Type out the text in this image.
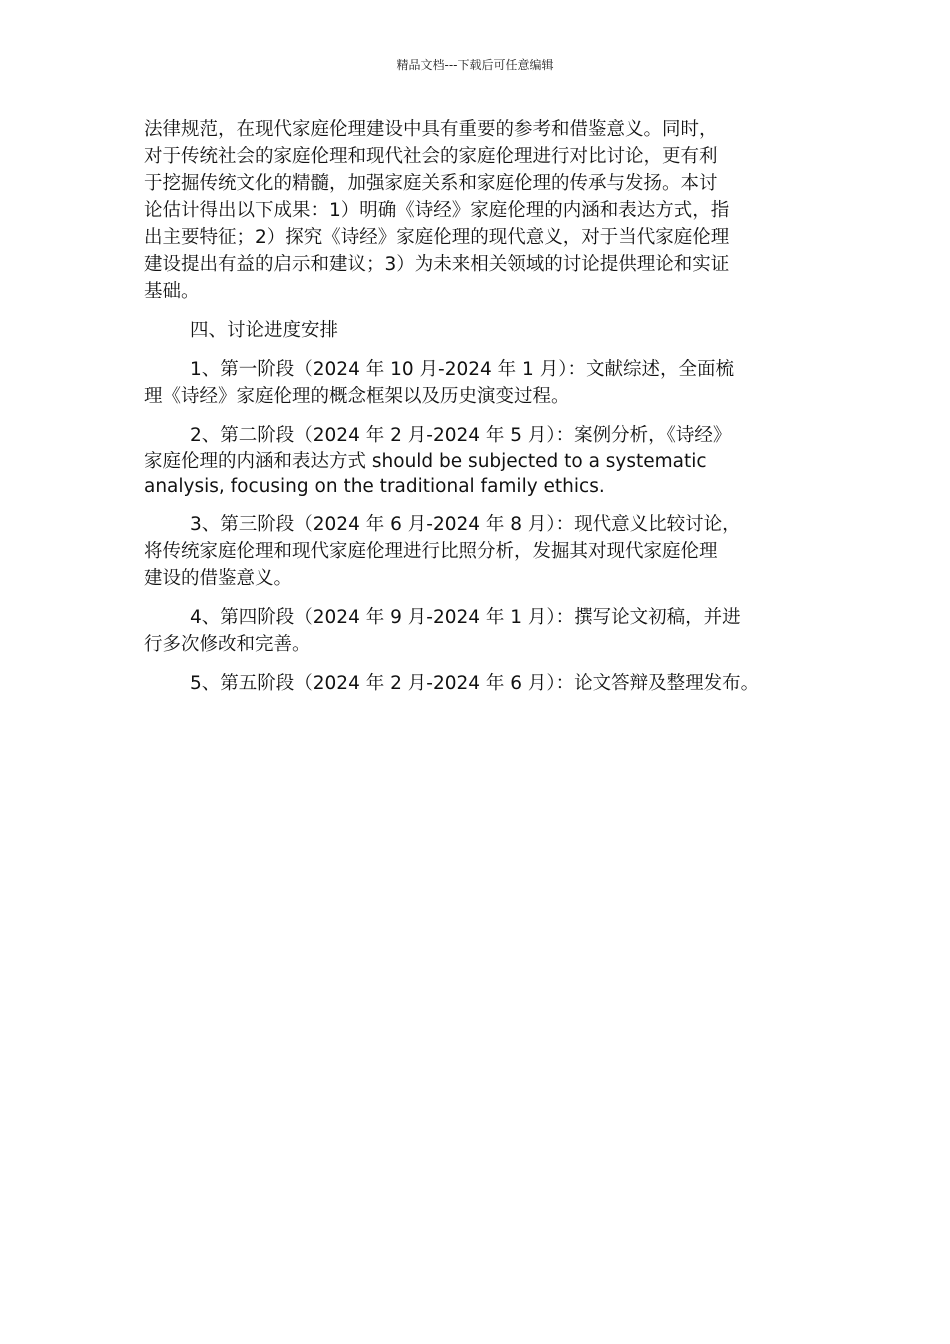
精品文档---下载后可任意编辑

法律规范，在现代家庭伦理建设中具有重要的参考和借鉴意义。同时，
对于传统社会的家庭伦理和现代社会的家庭伦理进行对比讨论，更有利
于挖掘传统文化的精髓，加强家庭关系和家庭伦理的传承与发扬。本讨
论估计得出以下成果：1）明确《诗经》家庭伦理的内涵和表达方式，指
出主要特征；2）探究《诗经》家庭伦理的现代意义，对于当代家庭伦理
建设提出有益的启示和建议；3）为未来相关领域的讨论提供理论和实证
基础。

四、讨论进度安排

1、第一阶段（2024 年 10 月-2024 年 1 月）：文献综述，全面梳
理《诗经》家庭伦理的概念框架以及历史演变过程。

2、第二阶段（2024 年 2 月-2024 年 5 月）：案例分析，《诗经》
家庭伦理的内涵和表达方式 should be subjected to a systematic
analysis, focusing on the traditional family ethics.

3、第三阶段（2024 年 6 月-2024 年 8 月）：现代意义比较讨论，
将传统家庭伦理和现代家庭伦理进行比照分析，发掘其对现代家庭伦理
建设的借鉴意义。

4、第四阶段（2024 年 9 月-2024 年 1 月）：撰写论文初稿，并进
行多次修改和完善。

5、第五阶段（2024 年 2 月-2024 年 6 月）：论文答辩及整理发布。
